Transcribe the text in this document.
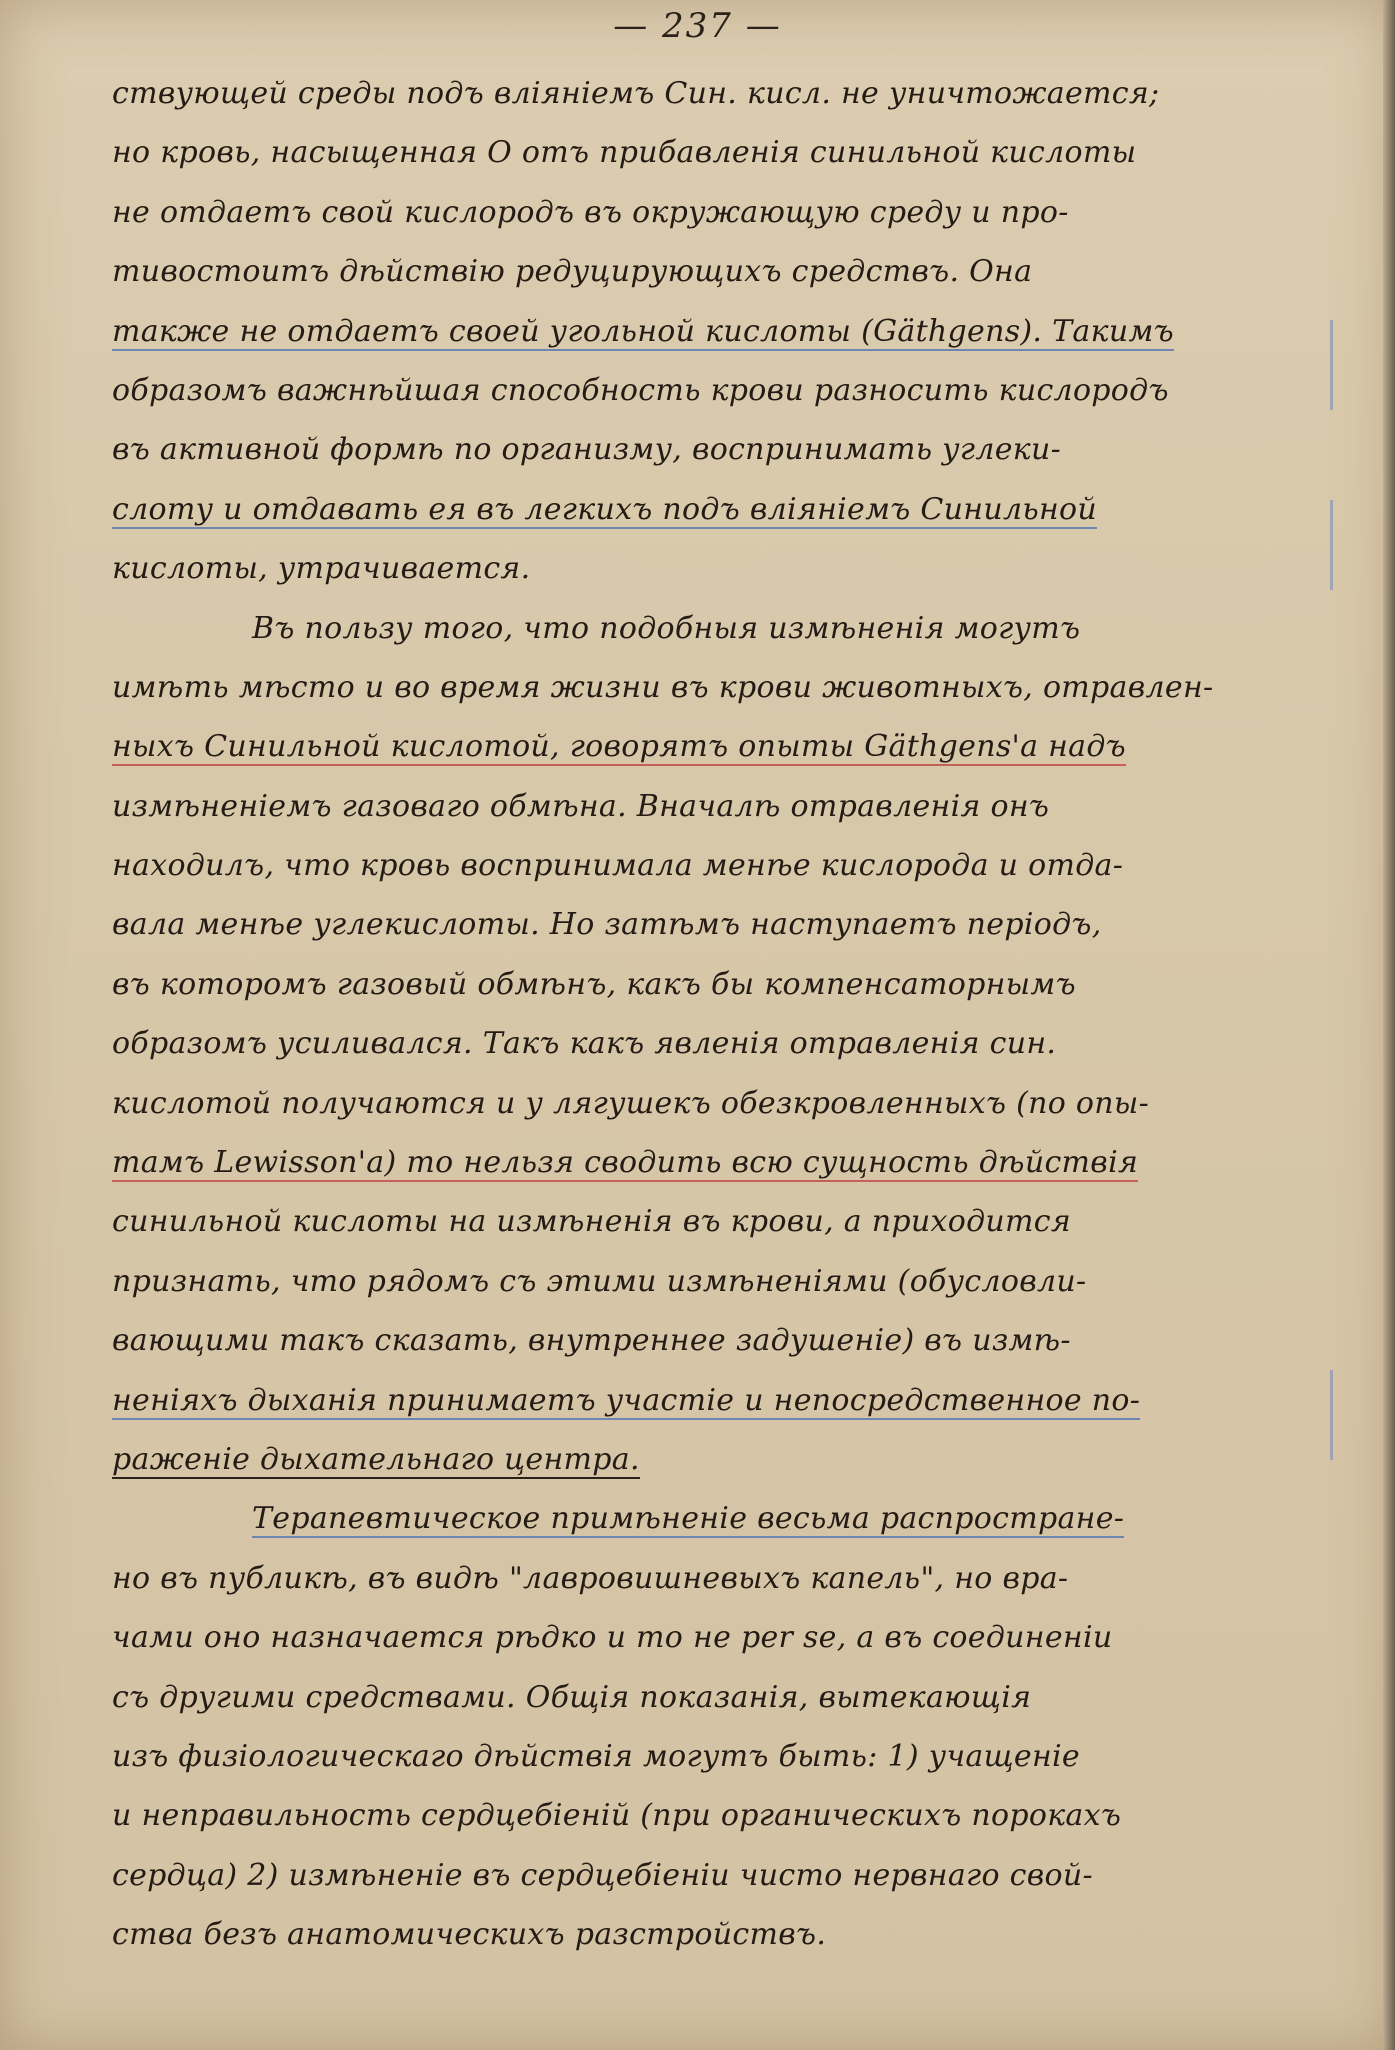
— 237 —
ствующей среды подъ вліяніемъ Син. кисл. не уничтожается;
но кровь, насыщенная О отъ прибавленія синильной кислоты
не отдаетъ свой кислородъ въ окружающую среду и про-
тивостоитъ дѣйствію редуцирующихъ средствъ. Она
также не отдаетъ своей угольной кислоты (Gäthgens). Такимъ
образомъ важнѣйшая способность крови разносить кислородъ
въ активной формѣ по организму, воспринимать углеки-
слоту и отдавать ея въ легкихъ подъ вліяніемъ Синильной
кислоты, утрачивается.
Въ пользу того, что подобныя измѣненія могутъ
имѣть мѣсто и во время жизни въ крови животныхъ, отравлен-
ныхъ Синильной кислотой, говорятъ опыты Gäthgens'a надъ
измѣненіемъ газоваго обмѣна. Вначалѣ отравленія онъ
находилъ, что кровь воспринимала менѣе кислорода и отда-
вала менѣе углекислоты. Но затѣмъ наступаетъ періодъ,
въ которомъ газовый обмѣнъ, какъ бы компенсаторнымъ
образомъ усиливался. Такъ какъ явленія отравленія син.
кислотой получаются и у лягушекъ обезкровленныхъ (по опы-
тамъ Lewisson'a) то нельзя сводить всю сущность дѣйствія
синильной кислоты на измѣненія въ крови, а приходится
признать, что рядомъ съ этими измѣненіями (обусловли-
вающими такъ сказать, внутреннее задушеніе) въ измѣ-
неніяхъ дыханія принимаетъ участіе и непосредственное по-
раженіе дыхательнаго центра.
Терапевтическое примѣненіе весьма распростране-
но въ публикѣ, въ видѣ "лавровишневыхъ капель", но вра-
чами оно назначается рѣдко и то не per se, а въ соединеніи
съ другими средствами. Общія показанія, вытекающія
изъ физіологическаго дѣйствія могутъ быть: 1) учащеніе
и неправильность сердцебіеній (при органическихъ порокахъ
сердца) 2) измѣненіе въ сердцебіеніи чисто нервнаго свой-
ства безъ анатомическихъ разстройствъ.
